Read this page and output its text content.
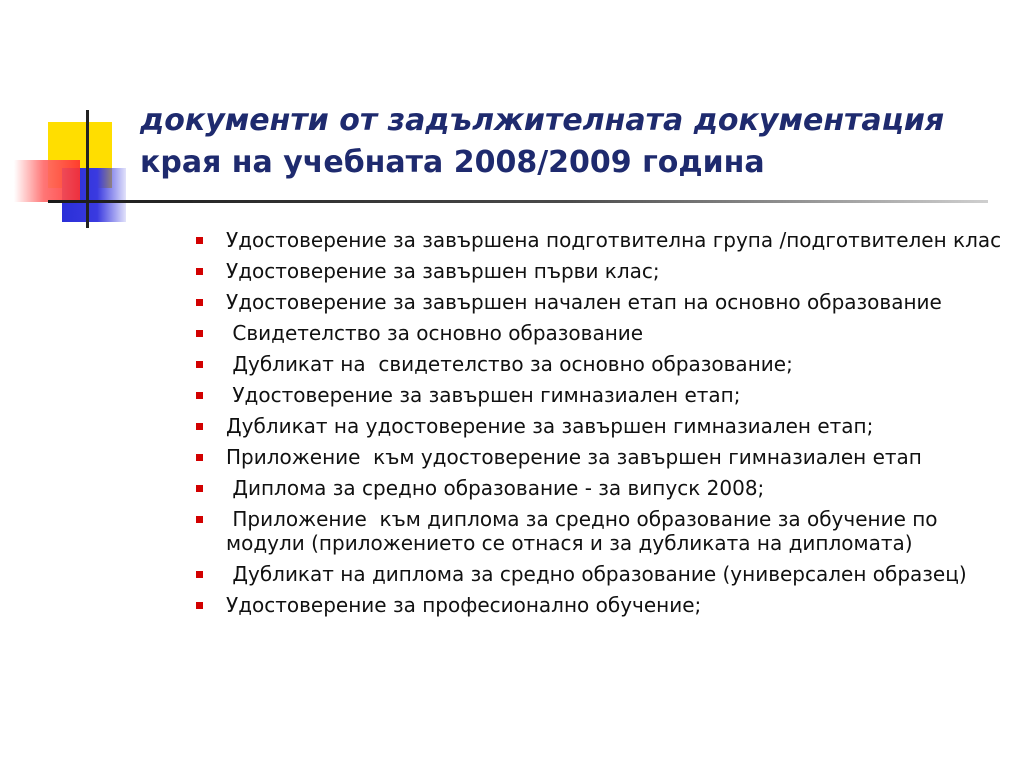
документи от задължителната документация
края на учебната 2008/2009 година
Удостоверение за завършена подготвителна група /подготвителен клас
Удостоверение за завършен първи клас;
Удостоверение за завършен начален етап на основно образование
Свидетелство за основно образование
Дубликат на  свидетелство за основно образование;
Удостоверение за завършен гимназиален етап;
Дубликат на удостоверение за завършен гимназиален етап;
Приложение  към удостоверение за завършен гимназиален етап
Диплома за средно образование - за випуск 2008;
Приложение  към диплома за средно образование за обучение по модули (приложението се отнася и за дубликата на дипломата)
Дубликат на диплома за средно образование (универсален образец)
Удостоверение за професионално обучение;
